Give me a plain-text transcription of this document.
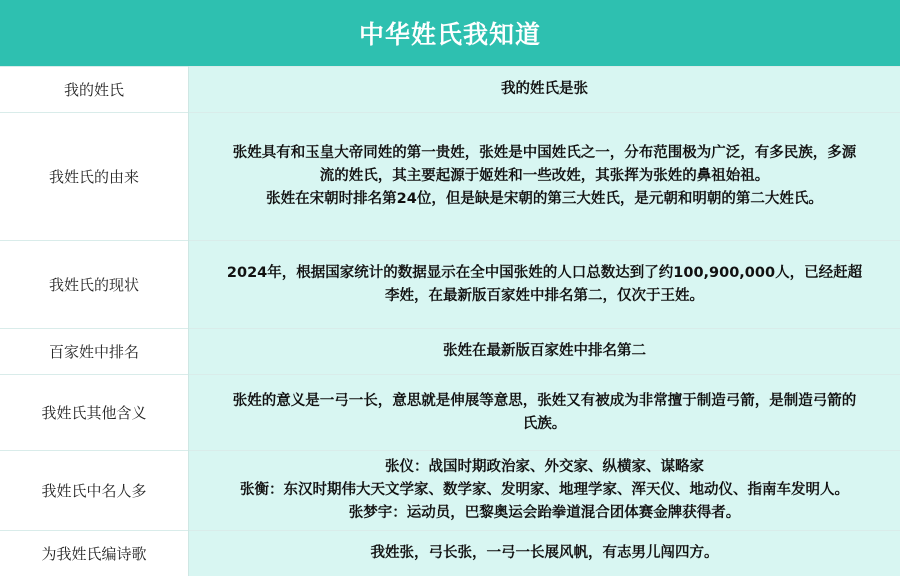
中华姓氏我知道
我的姓氏	我的姓氏是张

我姓氏的由来	张姓具有和玉皇大帝同姓的第一贵姓，张姓是中国姓氏之一，分布范围极为广泛，有多民族，多源
流的姓氏，其主要起源于姬姓和一些改姓，其张挥为张姓的鼻祖始祖。
张姓在宋朝时排名第24位，但是缺是宋朝的第三大姓氏，是元朝和明朝的第二大姓氏。

我姓氏的现状	2024年，根据国家统计的数据显示在全中国张姓的人口总数达到了约100,900,000人，已经赶超
李姓，在最新版百家姓中排名第二，仅次于王姓。

百家姓中排名	张姓在最新版百家姓中排名第二

我姓氏其他含义	张姓的意义是一弓一长，意思就是伸展等意思，张姓又有被成为非常擅于制造弓箭，是制造弓箭的
氏族。

我姓氏中名人多	张仪：战国时期政治家、外交家、纵横家、谋略家
张衡：东汉时期伟大天文学家、数学家、发明家、地理学家、浑天仪、地动仪、指南车发明人。
张梦宇：运动员，巴黎奥运会跆拳道混合团体赛金牌获得者。

为我姓氏编诗歌	我姓张，弓长张，一弓一长展风帆，有志男儿闯四方。
